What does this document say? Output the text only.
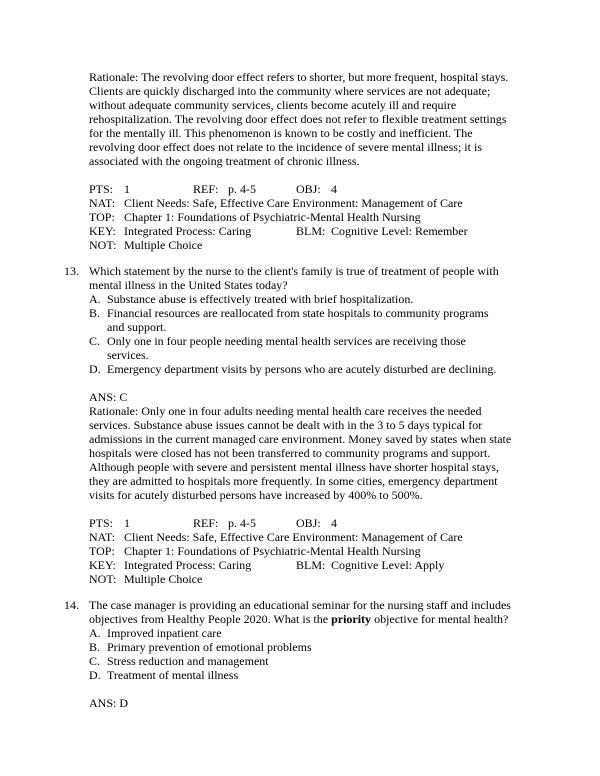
Rationale: The revolving door effect refers to shorter, but more frequent, hospital stays.
Clients are quickly discharged into the community where services are not adequate;
without adequate community services, clients become acutely ill and require
rehospitalization. The revolving door effect does not refer to flexible treatment settings
for the mentally ill. This phenomenon is known to be costly and inefficient. The
revolving door effect does not relate to the incidence of severe mental illness; it is
associated with the ongoing treatment of chronic illness.
PTS: 1	REF: p. 4-5	OBJ: 4
NAT: Client Needs: Safe, Effective Care Environment: Management of Care
TOP: Chapter 1: Foundations of Psychiatric-Mental Health Nursing
KEY: Integrated Process: Caring	BLM: Cognitive Level: Remember
NOT: Multiple Choice
13. Which statement by the nurse to the client's family is true of treatment of people with
mental illness in the United States today?
A. Substance abuse is effectively treated with brief hospitalization.
B. Financial resources are reallocated from state hospitals to community programs
and support.
C. Only one in four people needing mental health services are receiving those
services.
D. Emergency department visits by persons who are acutely disturbed are declining.
ANS: C
Rationale: Only one in four adults needing mental health care receives the needed
services. Substance abuse issues cannot be dealt with in the 3 to 5 days typical for
admissions in the current managed care environment. Money saved by states when state
hospitals were closed has not been transferred to community programs and support.
Although people with severe and persistent mental illness have shorter hospital stays,
they are admitted to hospitals more frequently. In some cities, emergency department
visits for acutely disturbed persons have increased by 400% to 500%.
PTS: 1	REF: p. 4-5	OBJ: 4
NAT: Client Needs: Safe, Effective Care Environment: Management of Care
TOP: Chapter 1: Foundations of Psychiatric-Mental Health Nursing
KEY: Integrated Process: Caring	BLM: Cognitive Level: Apply
NOT: Multiple Choice
14. The case manager is providing an educational seminar for the nursing staff and includes
objectives from Healthy People 2020. What is the priority objective for mental health?
A. Improved inpatient care
B. Primary prevention of emotional problems
C. Stress reduction and management
D. Treatment of mental illness
ANS: D
